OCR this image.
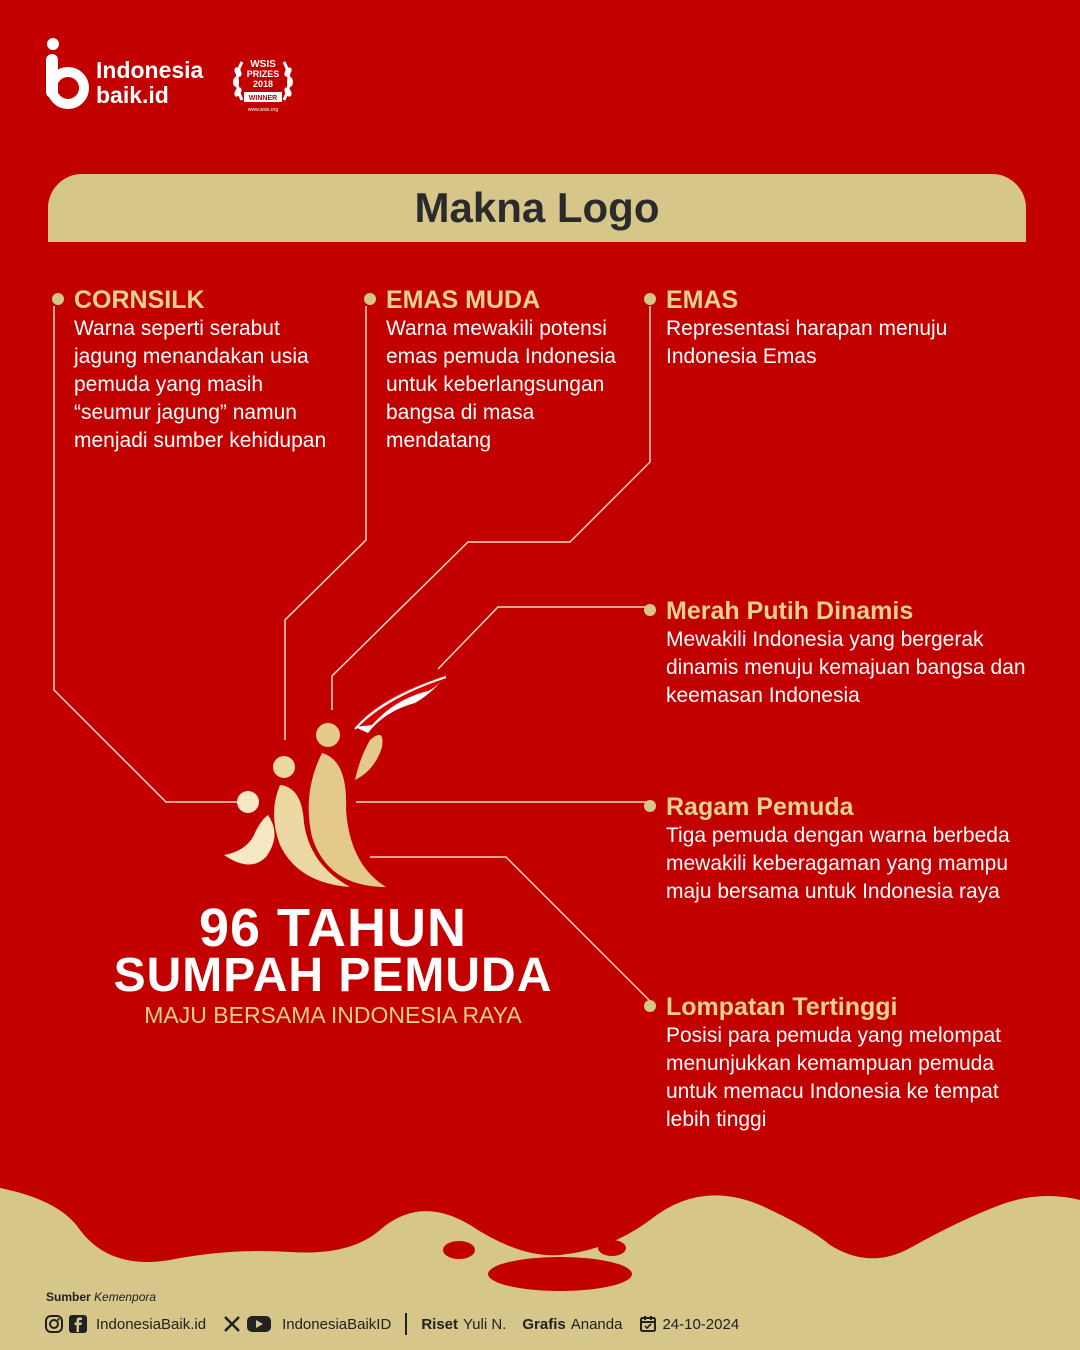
Indonesia
baik.id
WSIS
PRIZES
2018
WINNER
www.wsis.org
Makna Logo
CORNSILK
Warna seperti serabut jagung menandakan usia pemuda yang masih “seumur jagung” namun menjadi sumber kehidupan
EMAS MUDA
Warna mewakili potensi emas pemuda Indonesia untuk keberlangsungan bangsa di masa mendatang
EMAS
Representasi harapan menuju Indonesia Emas
Merah Putih Dinamis
Mewakili Indonesia yang bergerak dinamis menuju kemajuan bangsa dan keemasan Indonesia
Ragam Pemuda
Tiga pemuda dengan warna berbeda mewakili keberagaman yang mampu maju bersama untuk Indonesia raya
Lompatan Tertinggi
Posisi para pemuda yang melompat menunjukkan kemampuan pemuda untuk memacu Indonesia ke tempat lebih tinggi
96 TAHUN
SUMPAH PEMUDA
MAJU BERSAMA INDONESIA RAYA
Sumber Kemenpora
IndonesiaBaik.id	IndonesiaBaikID Riset Yuli N. Grafis Ananda	24-10-2024
